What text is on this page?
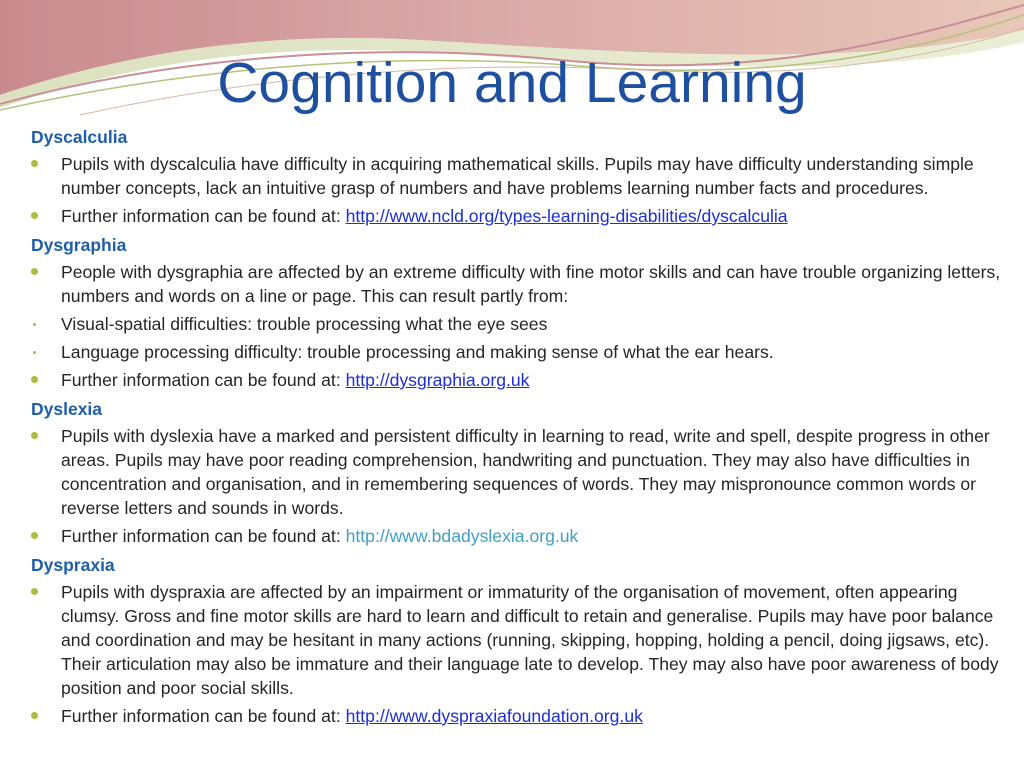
Cognition and Learning
Dyscalculia
Pupils with dyscalculia have difficulty in acquiring mathematical skills. Pupils may have difficulty understanding simple number concepts, lack an intuitive grasp of numbers and have problems learning number facts and procedures.
Further information can be found at: http://www.ncld.org/types-learning-disabilities/dyscalculia
Dysgraphia
People with dysgraphia are affected by an extreme difficulty with fine motor skills and can have trouble organizing letters, numbers and words on a line or page. This can result partly from:
Visual-spatial difficulties: trouble processing what the eye sees
Language processing difficulty: trouble processing and making sense of what the ear hears.
Further information can be found at: http://dysgraphia.org.uk
Dyslexia
Pupils with dyslexia have a marked and persistent difficulty in learning to read, write and spell, despite progress in other areas. Pupils may have poor reading comprehension, handwriting and punctuation. They may also have difficulties in concentration and organisation, and in remembering sequences of words. They may mispronounce common words or reverse letters and sounds in words.
Further information can be found at: http://www.bdadyslexia.org.uk
Dyspraxia
Pupils with dyspraxia are affected by an impairment or immaturity of the organisation of movement, often appearing clumsy. Gross and fine motor skills are hard to learn and difficult to retain and generalise. Pupils may have poor balance and coordination and may be hesitant in many actions (running, skipping, hopping, holding a pencil, doing jigsaws, etc). Their articulation may also be immature and their language late to develop. They may also have poor awareness of body position and poor social skills.
Further information can be found at: http://www.dyspraxiafoundation.org.uk
